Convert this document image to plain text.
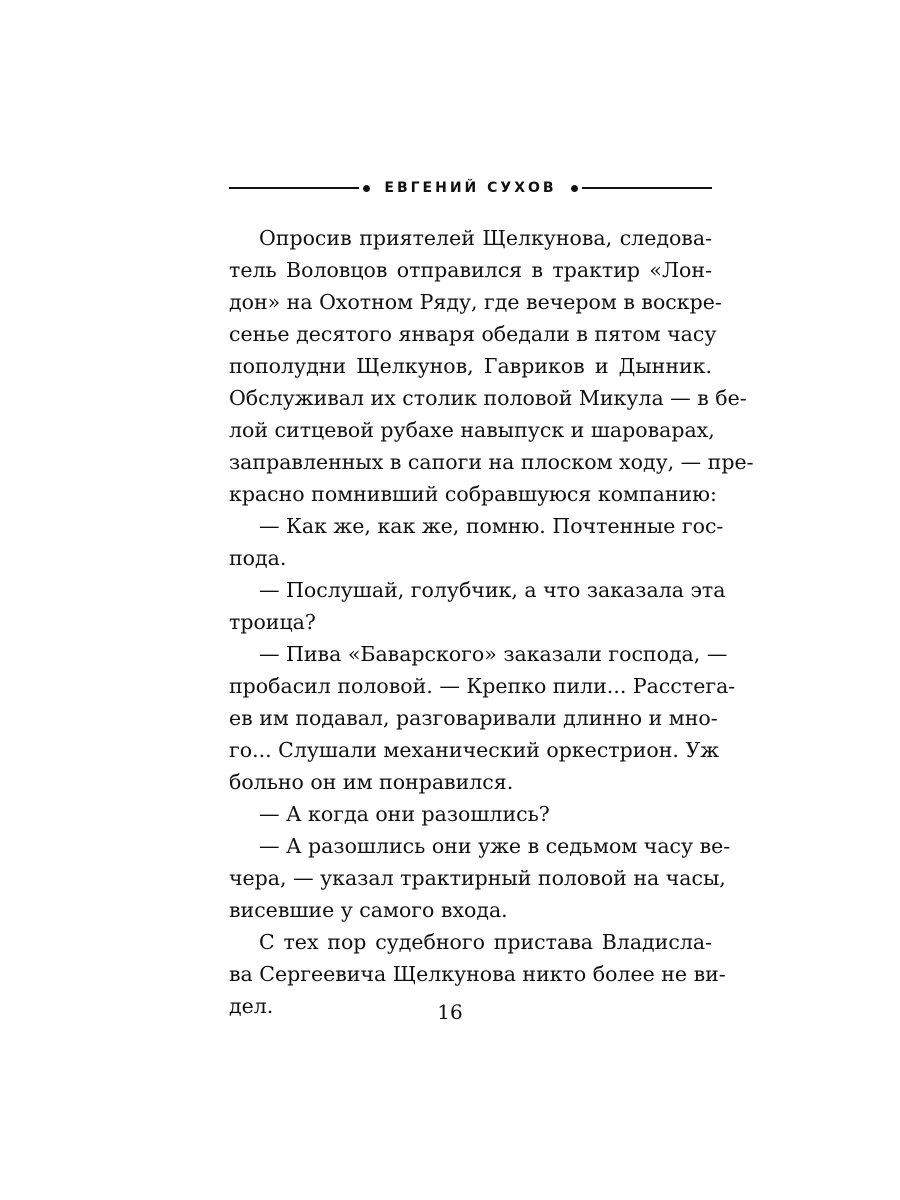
ЕВГЕНИЙ СУХОВ
Опросив приятелей Щелкунова, следова-
тель Воловцов отправился в трактир «Лон-
дон» на Охотном Ряду, где вечером в воскре-
сенье десятого января обедали в пятом часу
пополудни Щелкунов, Гавриков и Дынник.
Обслуживал их столик половой Микула — в бе-
лой ситцевой рубахе навыпуск и шароварах,
заправленных в сапоги на плоском ходу, — пре-
красно помнивший собравшуюся компанию:
— Как же, как же, помню. Почтенные гос-
пода.
— Послушай, голубчик, а что заказала эта
троица?
— Пива «Баварского» заказали господа, —
пробасил половой. — Крепко пили... Расстега-
ев им подавал, разговаривали длинно и мно-
го... Слушали механический оркестрион. Уж
больно он им понравился.
— А когда они разошлись?
— А разошлись они уже в седьмом часу ве-
чера, — указал трактирный половой на часы,
висевшие у самого входа.
С тех пор судебного пристава Владисла-
ва Сергеевича Щелкунова никто более не ви-
дел.	16
